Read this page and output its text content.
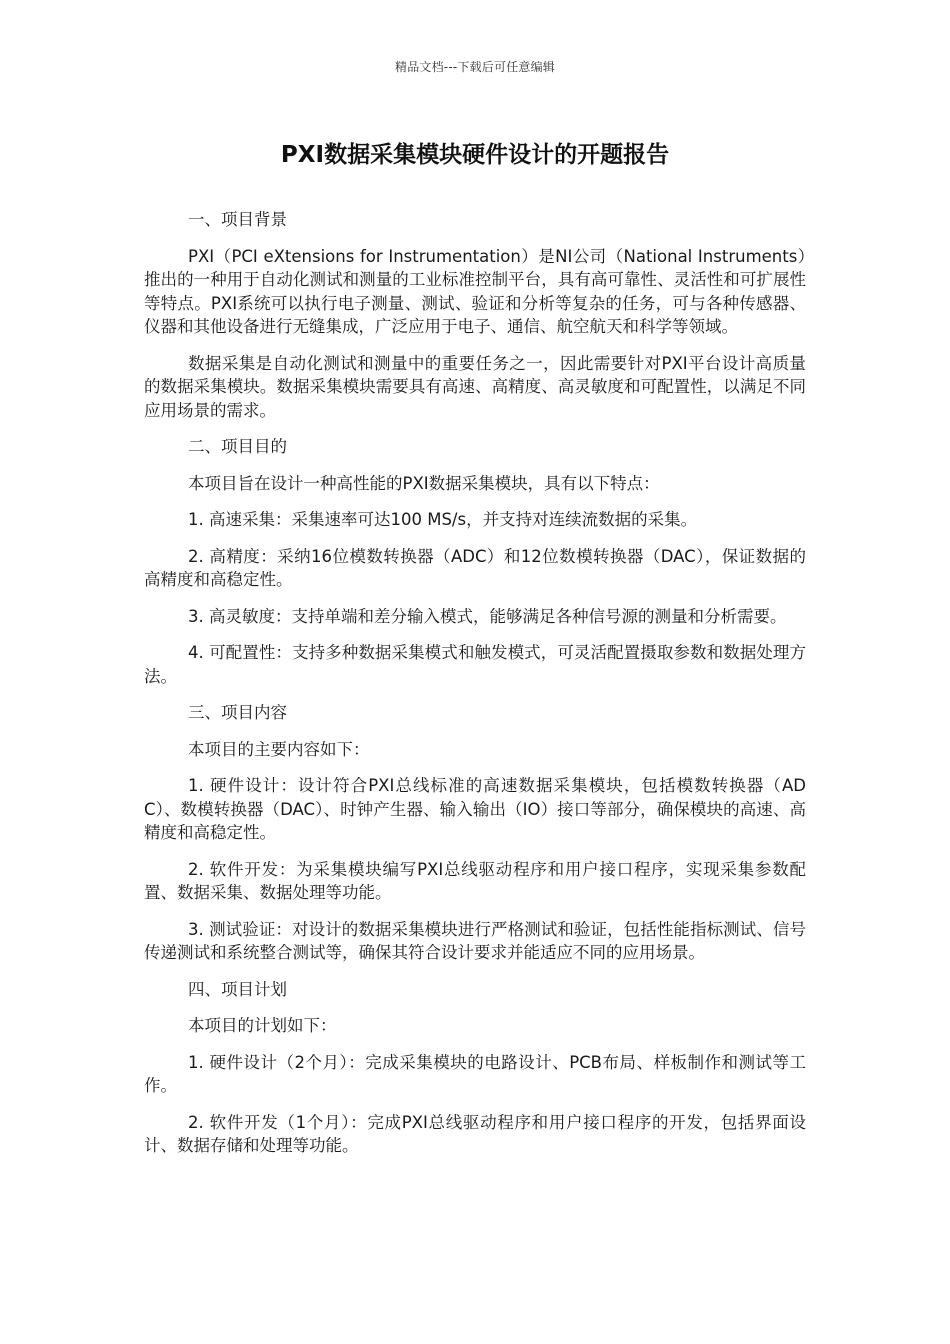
精品文档---下载后可任意编辑
PXI数据采集模块硬件设计的开题报告

一、项目背景

PXI（PCI eXtensions for Instrumentation）是NI公司（National Instruments）推出的一种用于自动化测试和测量的工业标准控制平台，具有高可靠性、灵活性和可扩展性等特点。PXI系统可以执行电子测量、测试、验证和分析等复杂的任务，可与各种传感器、仪器和其他设备进行无缝集成，广泛应用于电子、通信、航空航天和科学等领域。

数据采集是自动化测试和测量中的重要任务之一，因此需要针对PXI平台设计高质量的数据采集模块。数据采集模块需要具有高速、高精度、高灵敏度和可配置性，以满足不同应用场景的需求。

二、项目目的

本项目旨在设计一种高性能的PXI数据采集模块，具有以下特点：

1. 高速采集：采集速率可达100 MS/s，并支持对连续流数据的采集。

2. 高精度：采纳16位模数转换器（ADC）和12位数模转换器（DAC），保证数据的高精度和高稳定性。

3. 高灵敏度：支持单端和差分输入模式，能够满足各种信号源的测量和分析需要。

4. 可配置性：支持多种数据采集模式和触发模式，可灵活配置摄取参数和数据处理方法。

三、项目内容

本项目的主要内容如下：

1. 硬件设计：设计符合PXI总线标准的高速数据采集模块，包括模数转换器（ADC）、数模转换器（DAC）、时钟产生器、输入输出（IO）接口等部分，确保模块的高速、高精度和高稳定性。

2. 软件开发：为采集模块编写PXI总线驱动程序和用户接口程序，实现采集参数配置、数据采集、数据处理等功能。

3. 测试验证：对设计的数据采集模块进行严格测试和验证，包括性能指标测试、信号传递测试和系统整合测试等，确保其符合设计要求并能适应不同的应用场景。

四、项目计划

本项目的计划如下：

1. 硬件设计（2个月）：完成采集模块的电路设计、PCB布局、样板制作和测试等工作。

2. 软件开发（1个月）：完成PXI总线驱动程序和用户接口程序的开发，包括界面设计、数据存储和处理等功能。
